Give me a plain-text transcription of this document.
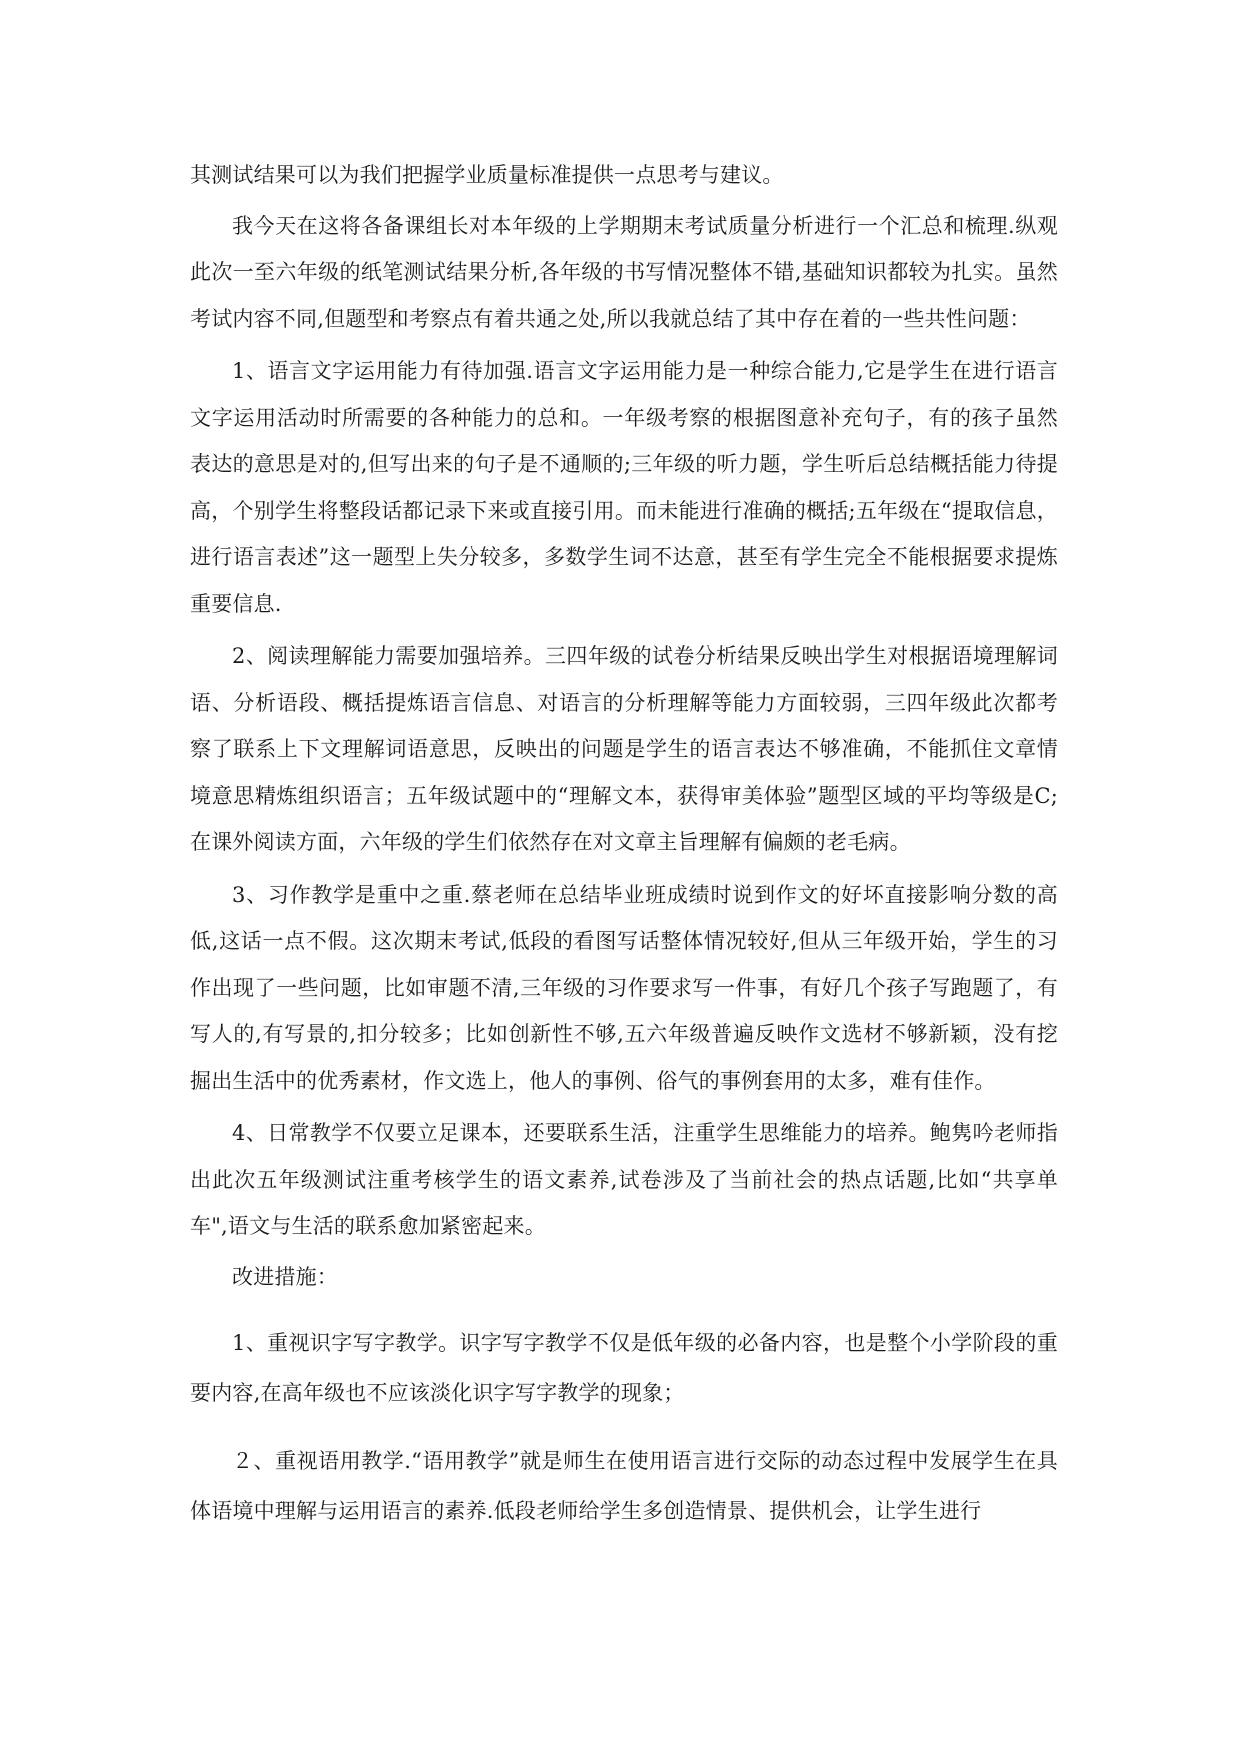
其测试结果可以为我们把握学业质量标准提供一点思考与建议。

我今天在这将各备课组长对本年级的上学期期末考试质量分析进行一个汇总和梳理.纵观此次一至六年级的纸笔测试结果分析,各年级的书写情况整体不错,基础知识都较为扎实。虽然考试内容不同,但题型和考察点有着共通之处,所以我就总结了其中存在着的一些共性问题：

1、语言文字运用能力有待加强.语言文字运用能力是一种综合能力,它是学生在进行语言文字运用活动时所需要的各种能力的总和。一年级考察的根据图意补充句子，有的孩子虽然表达的意思是对的,但写出来的句子是不通顺的;三年级的听力题，学生听后总结概括能力待提高，个别学生将整段话都记录下来或直接引用。而未能进行准确的概括;五年级在“提取信息，进行语言表述”这一题型上失分较多，多数学生词不达意，甚至有学生完全不能根据要求提炼重要信息.

2、阅读理解能力需要加强培养。三四年级的试卷分析结果反映出学生对根据语境理解词语、分析语段、概括提炼语言信息、对语言的分析理解等能力方面较弱，三四年级此次都考察了联系上下文理解词语意思，反映出的问题是学生的语言表达不够准确，不能抓住文章情境意思精炼组织语言；五年级试题中的“理解文本，获得审美体验”题型区域的平均等级是C;在课外阅读方面，六年级的学生们依然存在对文章主旨理解有偏颇的老毛病。

3、习作教学是重中之重.蔡老师在总结毕业班成绩时说到作文的好坏直接影响分数的高低,这话一点不假。这次期末考试,低段的看图写话整体情况较好,但从三年级开始，学生的习作出现了一些问题，比如审题不清,三年级的习作要求写一件事，有好几个孩子写跑题了，有写人的,有写景的,扣分较多；比如创新性不够,五六年级普遍反映作文选材不够新颖，没有挖掘出生活中的优秀素材，作文选上，他人的事例、俗气的事例套用的太多，难有佳作。

4、日常教学不仅要立足课本，还要联系生活，注重学生思维能力的培养。鲍隽吟老师指出此次五年级测试注重考核学生的语文素养,试卷涉及了当前社会的热点话题,比如“共享单车",语文与生活的联系愈加紧密起来。

改进措施：

1、重视识字写字教学。识字写字教学不仅是低年级的必备内容，也是整个小学阶段的重要内容,在高年级也不应该淡化识字写字教学的现象；

２、重视语用教学.“语用教学”就是师生在使用语言进行交际的动态过程中发展学生在具体语境中理解与运用语言的素养.低段老师给学生多创造情景、提供机会，让学生进行
